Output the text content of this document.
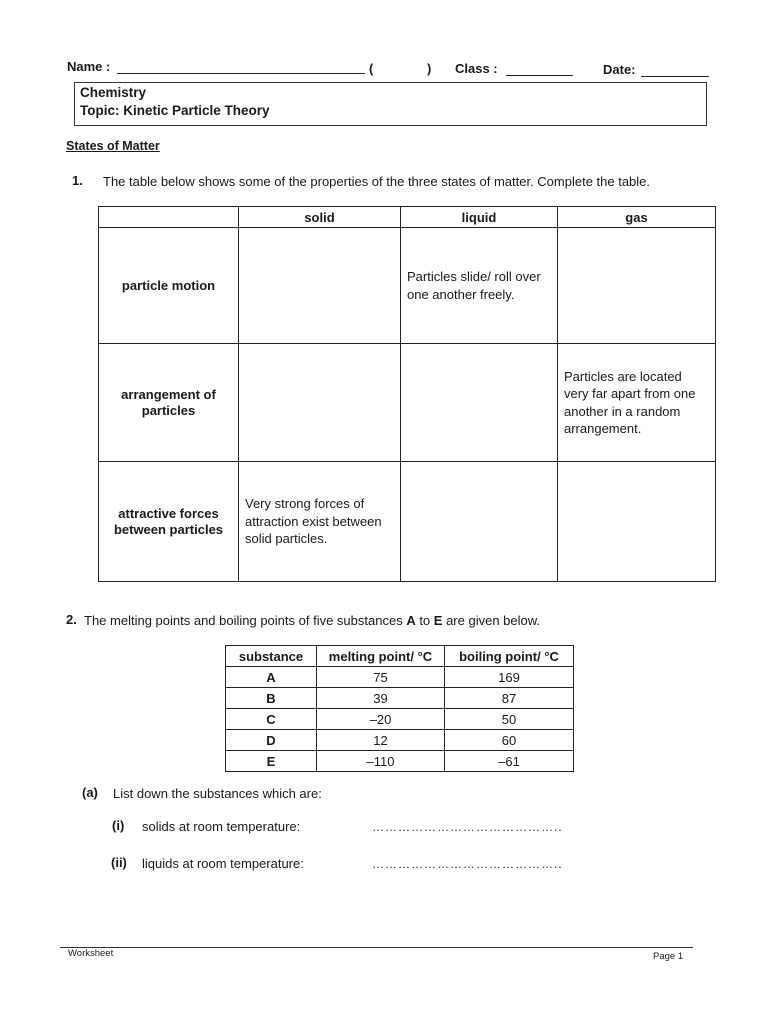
Name :	(	) Class :	Date:
Chemistry
Topic: Kinetic Particle Theory
States of Matter
1. The table below shows some of the properties of the three states of matter. Complete the table.
	solid	liquid	gas
particle motion		Particles slide/ roll over one another freely.	
arrangement of particles			Particles are located very far apart from one another in a random arrangement.
attractive forces between particles	Very strong forces of attraction exist between solid particles.		
2. The melting points and boiling points of five substances A to E are given below.
substance	melting point/ °C	boiling point/ °C
A	75	169
B	39	87
C	–20	50
D	12	60
E	–110	–61
(a) List down the substances which are:
(i) solids at room temperature:	……………………………………..
(ii) liquids at room temperature:	……………………………………..
Worksheet	Page 1
